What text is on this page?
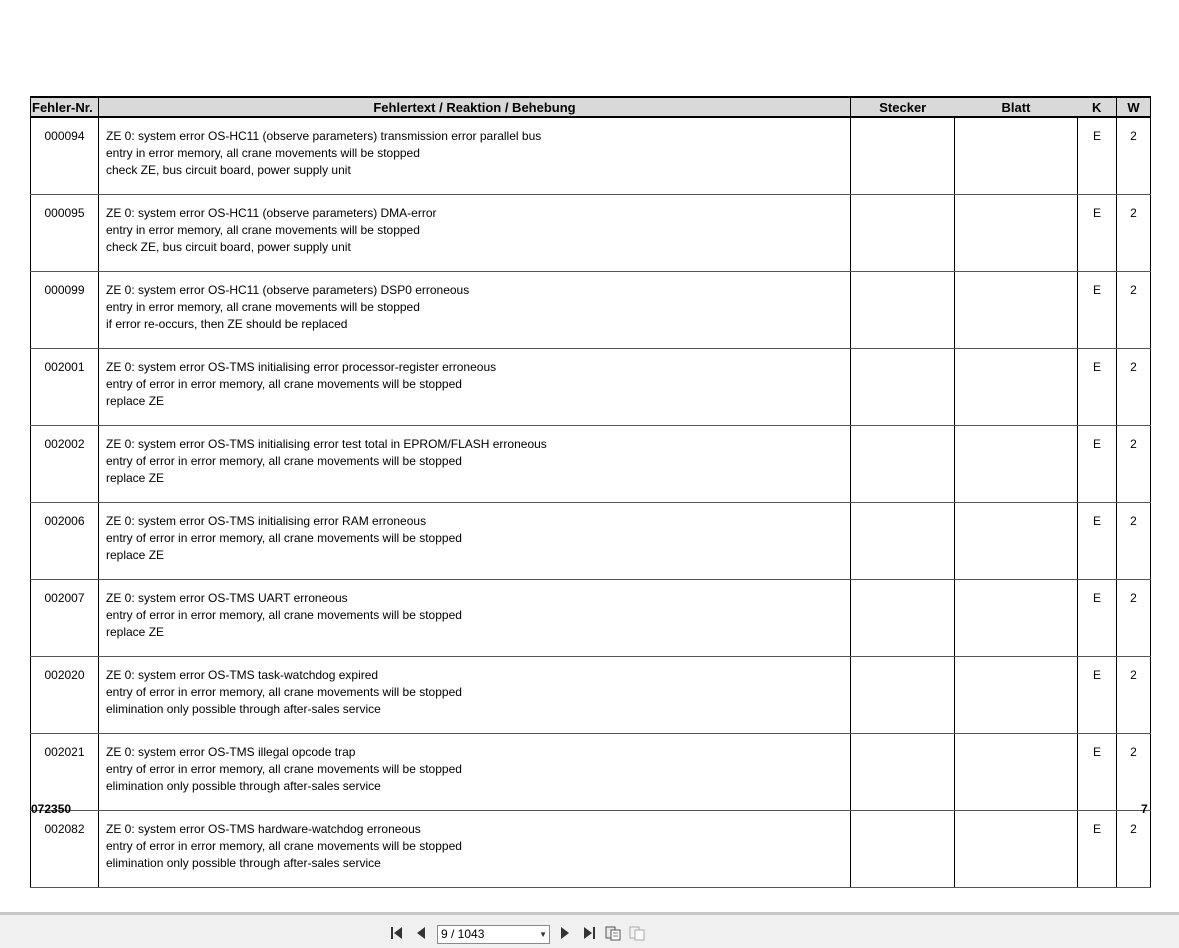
Fehler-Nr.	Fehlertext / Reaktion / Behebung	Stecker	Blatt	K	W
000094	ZE 0: system error OS-HC11 (observe parameters) transmission error parallel bus
entry in error memory, all crane movements will be stopped
check ZE, bus circuit board, power supply unit			E	2
000095	ZE 0: system error OS-HC11 (observe parameters) DMA-error
entry in error memory, all crane movements will be stopped
check ZE, bus circuit board, power supply unit			E	2
000099	ZE 0: system error OS-HC11 (observe parameters) DSP0 erroneous
entry in error memory, all crane movements will be stopped
if error re-occurs, then ZE should be replaced			E	2
002001	ZE 0: system error OS-TMS initialising error processor-register erroneous
entry of error in error memory, all crane movements will be stopped
replace ZE			E	2
002002	ZE 0: system error OS-TMS initialising error test total in EPROM/FLASH erroneous
entry of error in error memory, all crane movements will be stopped
replace ZE			E	2
002006	ZE 0: system error OS-TMS initialising error RAM erroneous
entry of error in error memory, all crane movements will be stopped
replace ZE			E	2
002007	ZE 0: system error OS-TMS UART erroneous
entry of error in error memory, all crane movements will be stopped
replace ZE			E	2
002020	ZE 0: system error OS-TMS task-watchdog expired
entry of error in error memory, all crane movements will be stopped
elimination only possible through after-sales service			E	2
002021	ZE 0: system error OS-TMS illegal opcode trap
entry of error in error memory, all crane movements will be stopped
elimination only possible through after-sales service			E	2
002082	ZE 0: system error OS-TMS hardware-watchdog erroneous
entry of error in error memory, all crane movements will be stopped
elimination only possible through after-sales service			E	2
072350	7
9 / 1043	▼
